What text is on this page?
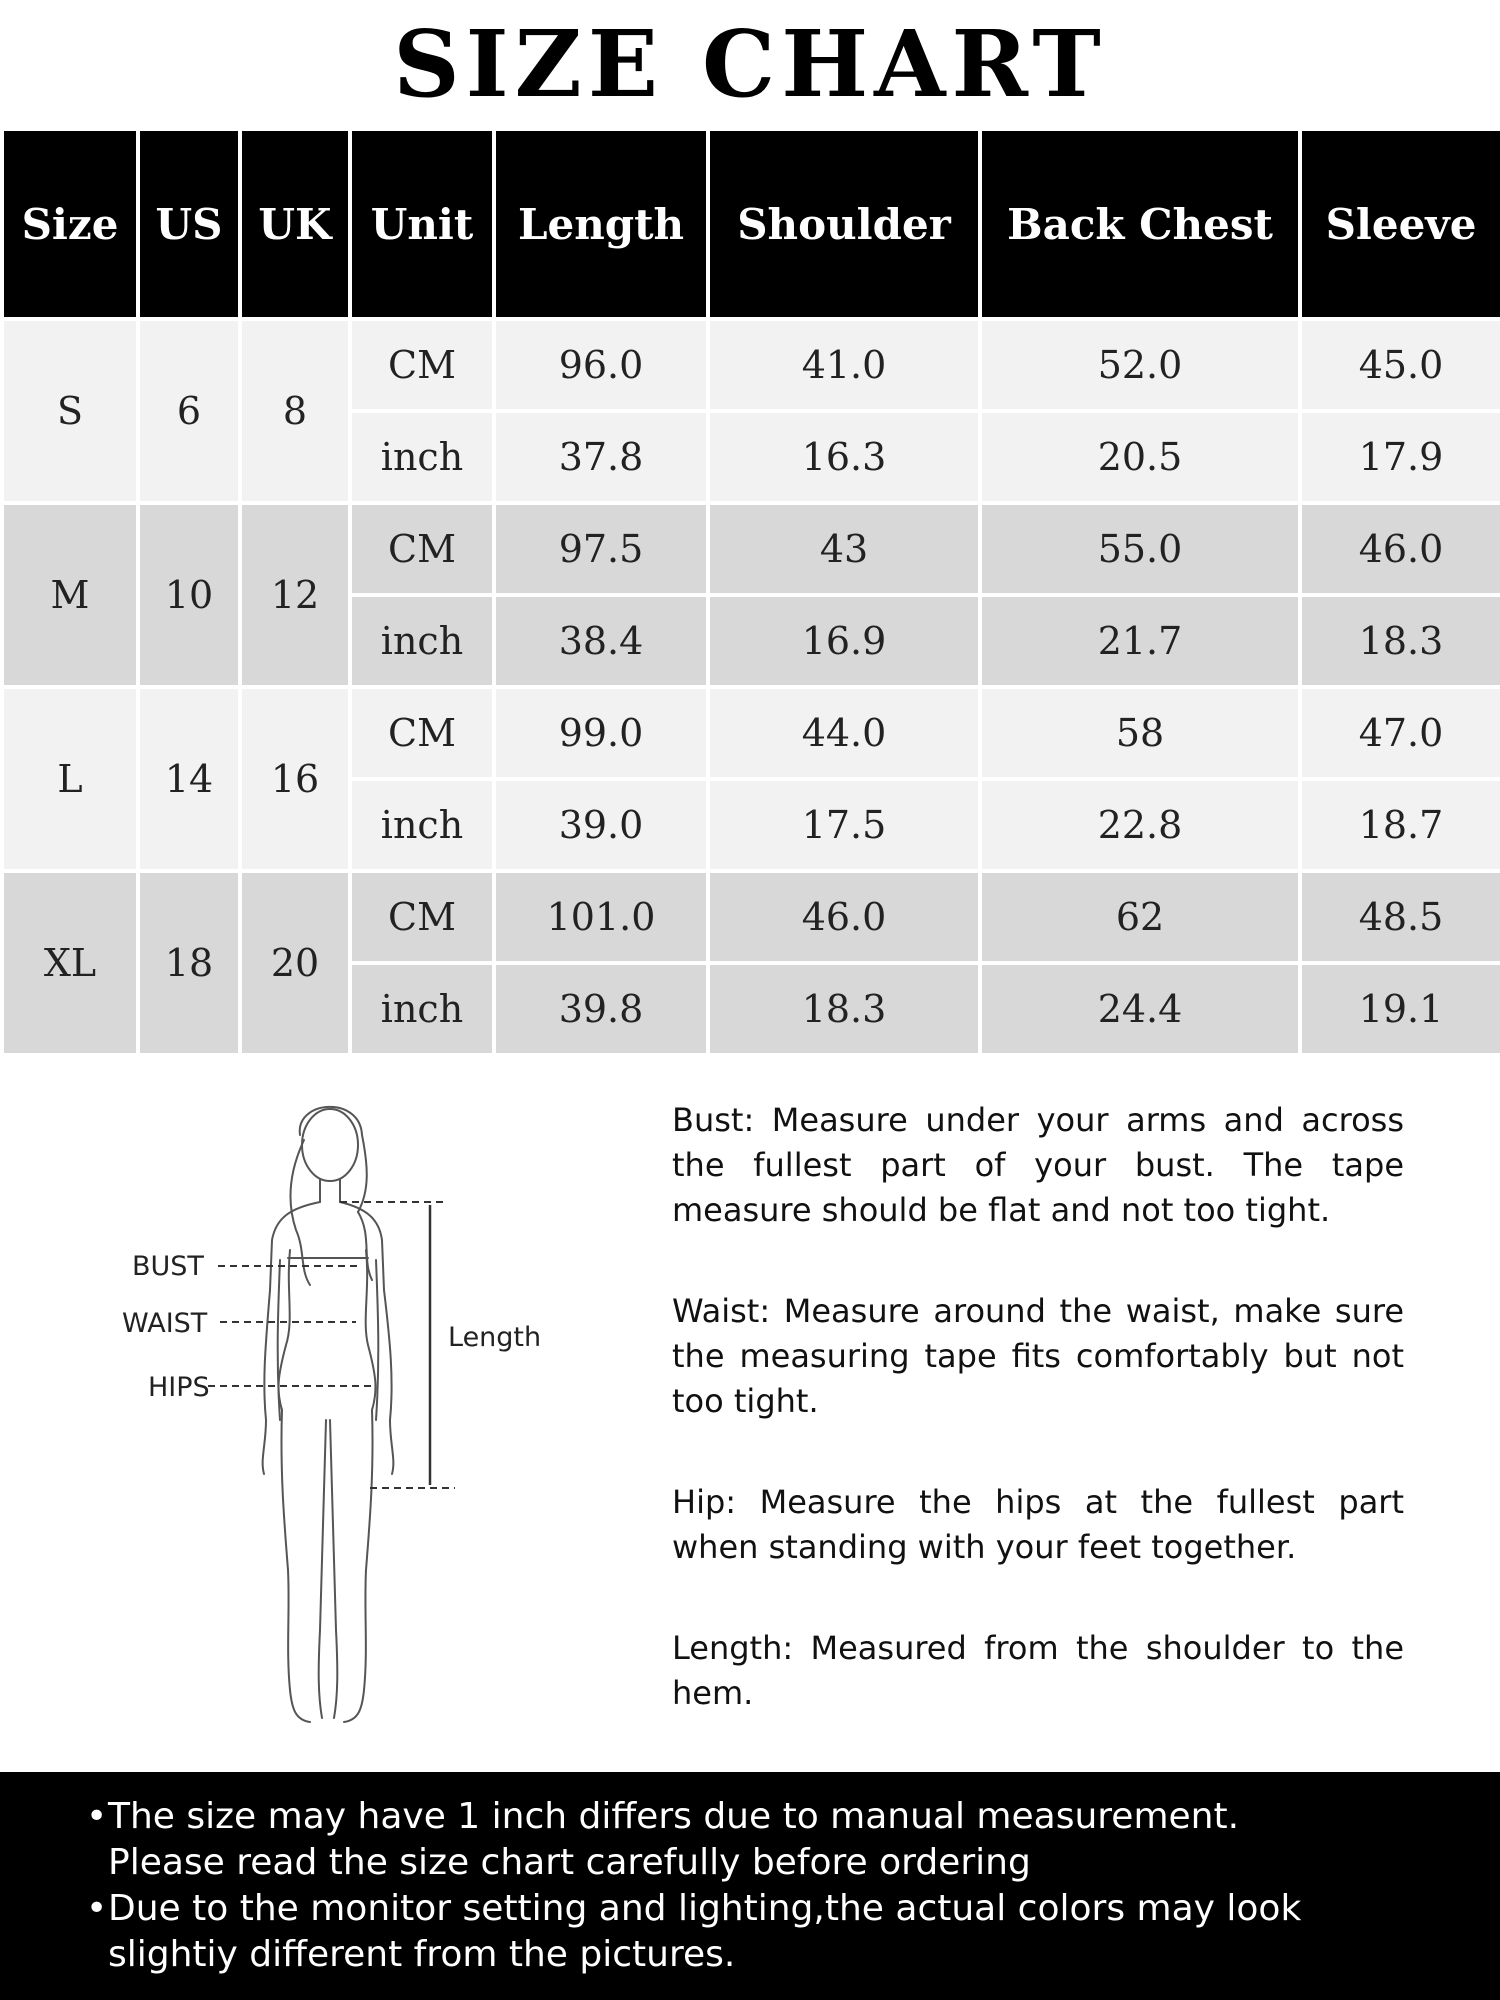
SIZE CHART
Size	US	UK	Unit	Length	Shoulder	Back Chest	Sleeve
S	6	8	CM	96.0	41.0	52.0	45.0
			inch	37.8	16.3	20.5	17.9
M	10	12	CM	97.5	43	55.0	46.0
			inch	38.4	16.9	21.7	18.3
L	14	16	CM	99.0	44.0	58	47.0
			inch	39.0	17.5	22.8	18.7
XL	18	20	CM	101.0	46.0	62	48.5
			inch	39.8	18.3	24.4	19.1
BUST
WAIST
HIPS
Length

Bust: Measure under your arms and across the fullest part of your bust. The tape measure should be flat and not too tight.

Waist: Measure around the waist, make sure the measuring tape fits comfortably but not too tight.

Hip: Measure the hips at the fullest part when standing with your feet together.

Length: Measured from the shoulder to the hem.

• The size may have 1 inch differs due to manual measurement.
Please read the size chart carefully before ordering
• Due to the monitor setting and lighting,the actual colors may look
slightiy different from the pictures.
